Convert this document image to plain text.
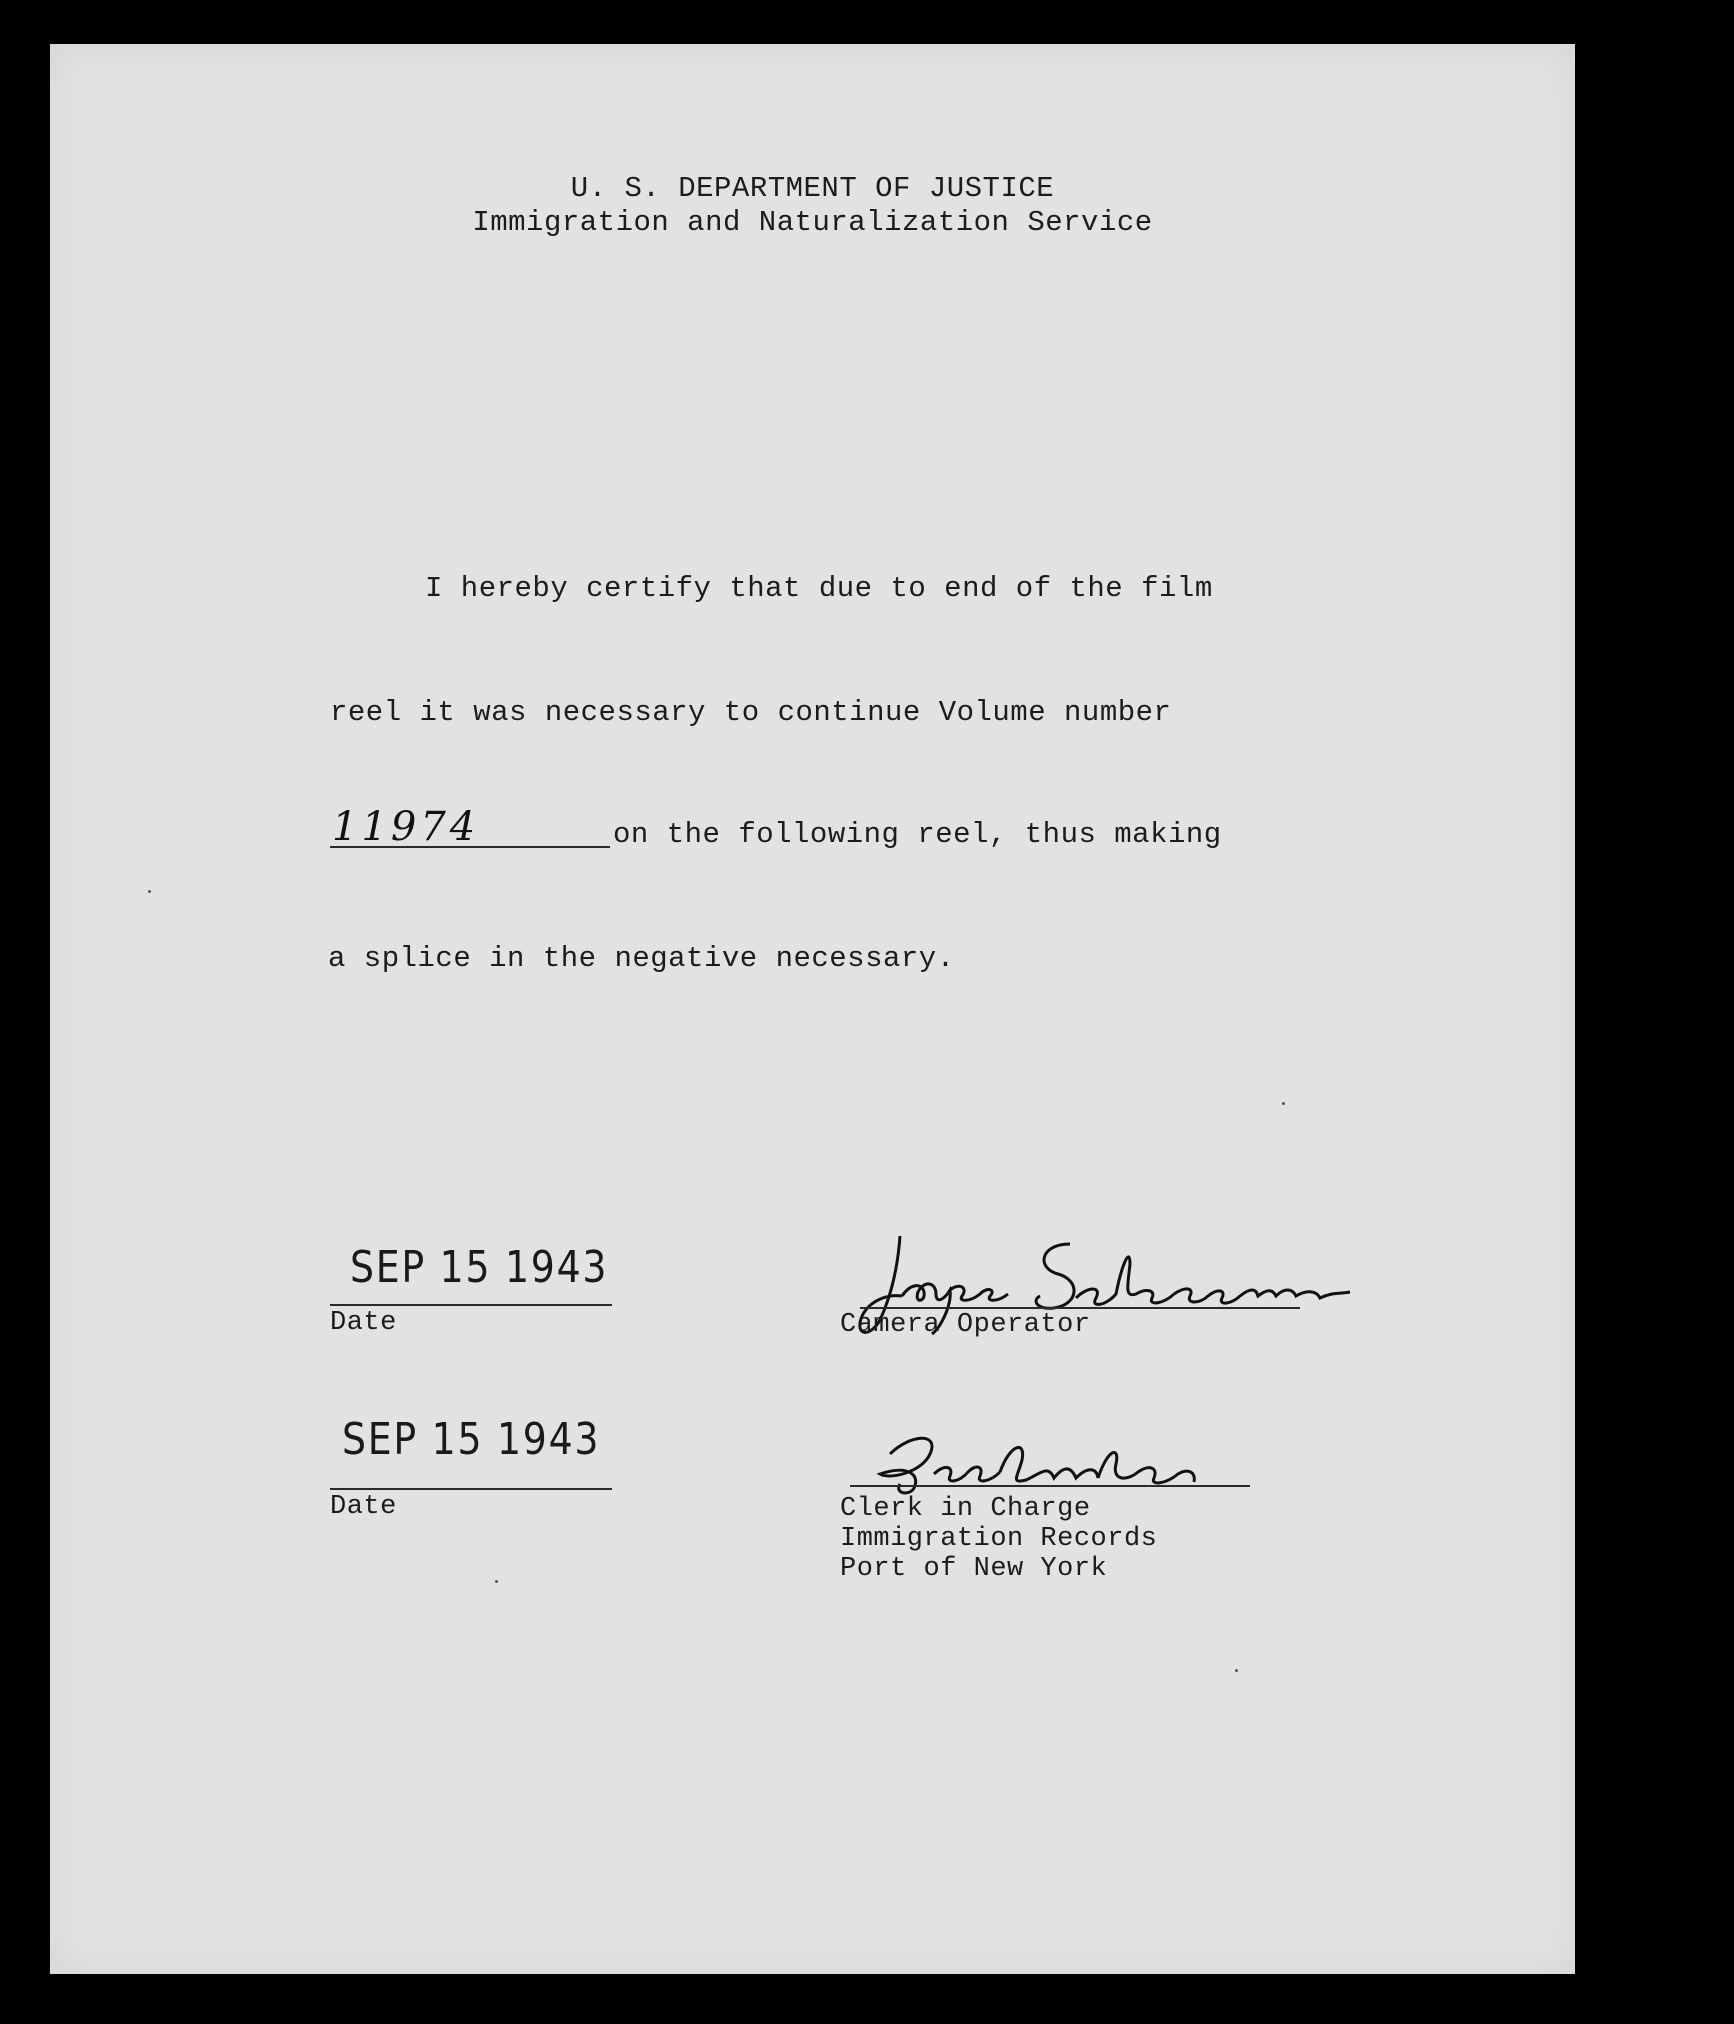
U. S. DEPARTMENT OF JUSTICE
Immigration and Naturalization Service
I hereby certify that due to end of the film
reel it was necessary to continue Volume number
11974	on the following reel, thus making
a splice in the negative necessary.
SEP 15 1943
Date	Camera Operator
SEP 15 1943
Date	Clerk in Charge
Immigration Records
Port of New York
